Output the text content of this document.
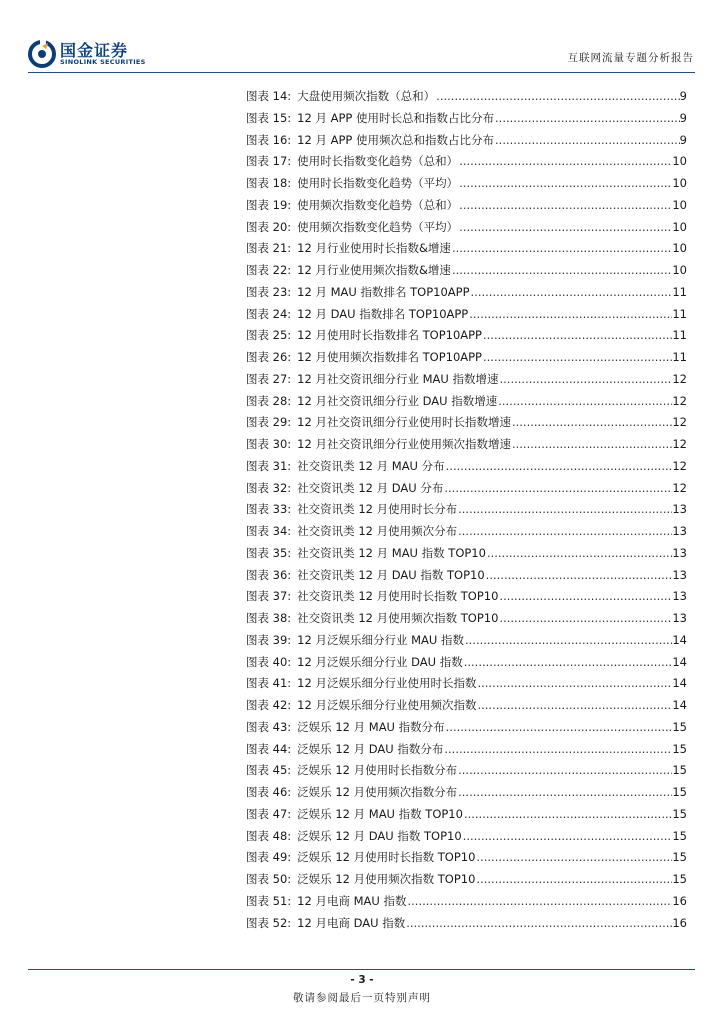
国金证券
SINOLINK SECURITIES	互联网流量专题分析报告
图表 14: 大盘使用频次指数（总和） .....	9
图表 15: 12 月 APP 使用时长总和指数占比分布 .....	9
图表 16: 12 月 APP 使用频次总和指数占比分布 .....	9
图表 17: 使用时长指数变化趋势（总和） .....	10
图表 18: 使用时长指数变化趋势（平均） .....	10
图表 19: 使用频次指数变化趋势（总和） .....	10
图表 20: 使用频次指数变化趋势（平均） .....	10
图表 21: 12 月行业使用时长指数&增速 .....	10
图表 22: 12 月行业使用频次指数&增速 .....	10
图表 23: 12 月 MAU 指数排名 TOP10APP .....	11
图表 24: 12 月 DAU 指数排名 TOP10APP .....	11
图表 25: 12 月使用时长指数排名 TOP10APP .....	11
图表 26: 12 月使用频次指数排名 TOP10APP .....	11
图表 27: 12 月社交资讯细分行业 MAU 指数增速 .....	12
图表 28: 12 月社交资讯细分行业 DAU 指数增速 .....	12
图表 29: 12 月社交资讯细分行业使用时长指数增速 .....	12
图表 30: 12 月社交资讯细分行业使用频次指数增速 .....	12
图表 31: 社交资讯类 12 月 MAU 分布 .....	12
图表 32: 社交资讯类 12 月 DAU 分布 .....	12
图表 33: 社交资讯类 12 月使用时长分布 .....	13
图表 34: 社交资讯类 12 月使用频次分布 .....	13
图表 35: 社交资讯类 12 月 MAU 指数 TOP10 .....	13
图表 36: 社交资讯类 12 月 DAU 指数 TOP10 .....	13
图表 37: 社交资讯类 12 月使用时长指数 TOP10 .....	13
图表 38: 社交资讯类 12 月使用频次指数 TOP10 .....	13
图表 39: 12 月泛娱乐细分行业 MAU 指数 .....	14
图表 40: 12 月泛娱乐细分行业 DAU 指数 .....	14
图表 41: 12 月泛娱乐细分行业使用时长指数 .....	14
图表 42: 12 月泛娱乐细分行业使用频次指数 .....	14
图表 43: 泛娱乐 12 月 MAU 指数分布 .....	15
图表 44: 泛娱乐 12 月 DAU 指数分布 .....	15
图表 45: 泛娱乐 12 月使用时长指数分布 .....	15
图表 46: 泛娱乐 12 月使用频次指数分布 .....	15
图表 47: 泛娱乐 12 月 MAU 指数 TOP10 .....	15
图表 48: 泛娱乐 12 月 DAU 指数 TOP10 .....	15
图表 49: 泛娱乐 12 月使用时长指数 TOP10 .....	15
图表 50: 泛娱乐 12 月使用频次指数 TOP10 .....	15
图表 51: 12 月电商 MAU 指数 .....	16
图表 52: 12 月电商 DAU 指数 .....	16
- 3 -
敬请参阅最后一页特别声明
